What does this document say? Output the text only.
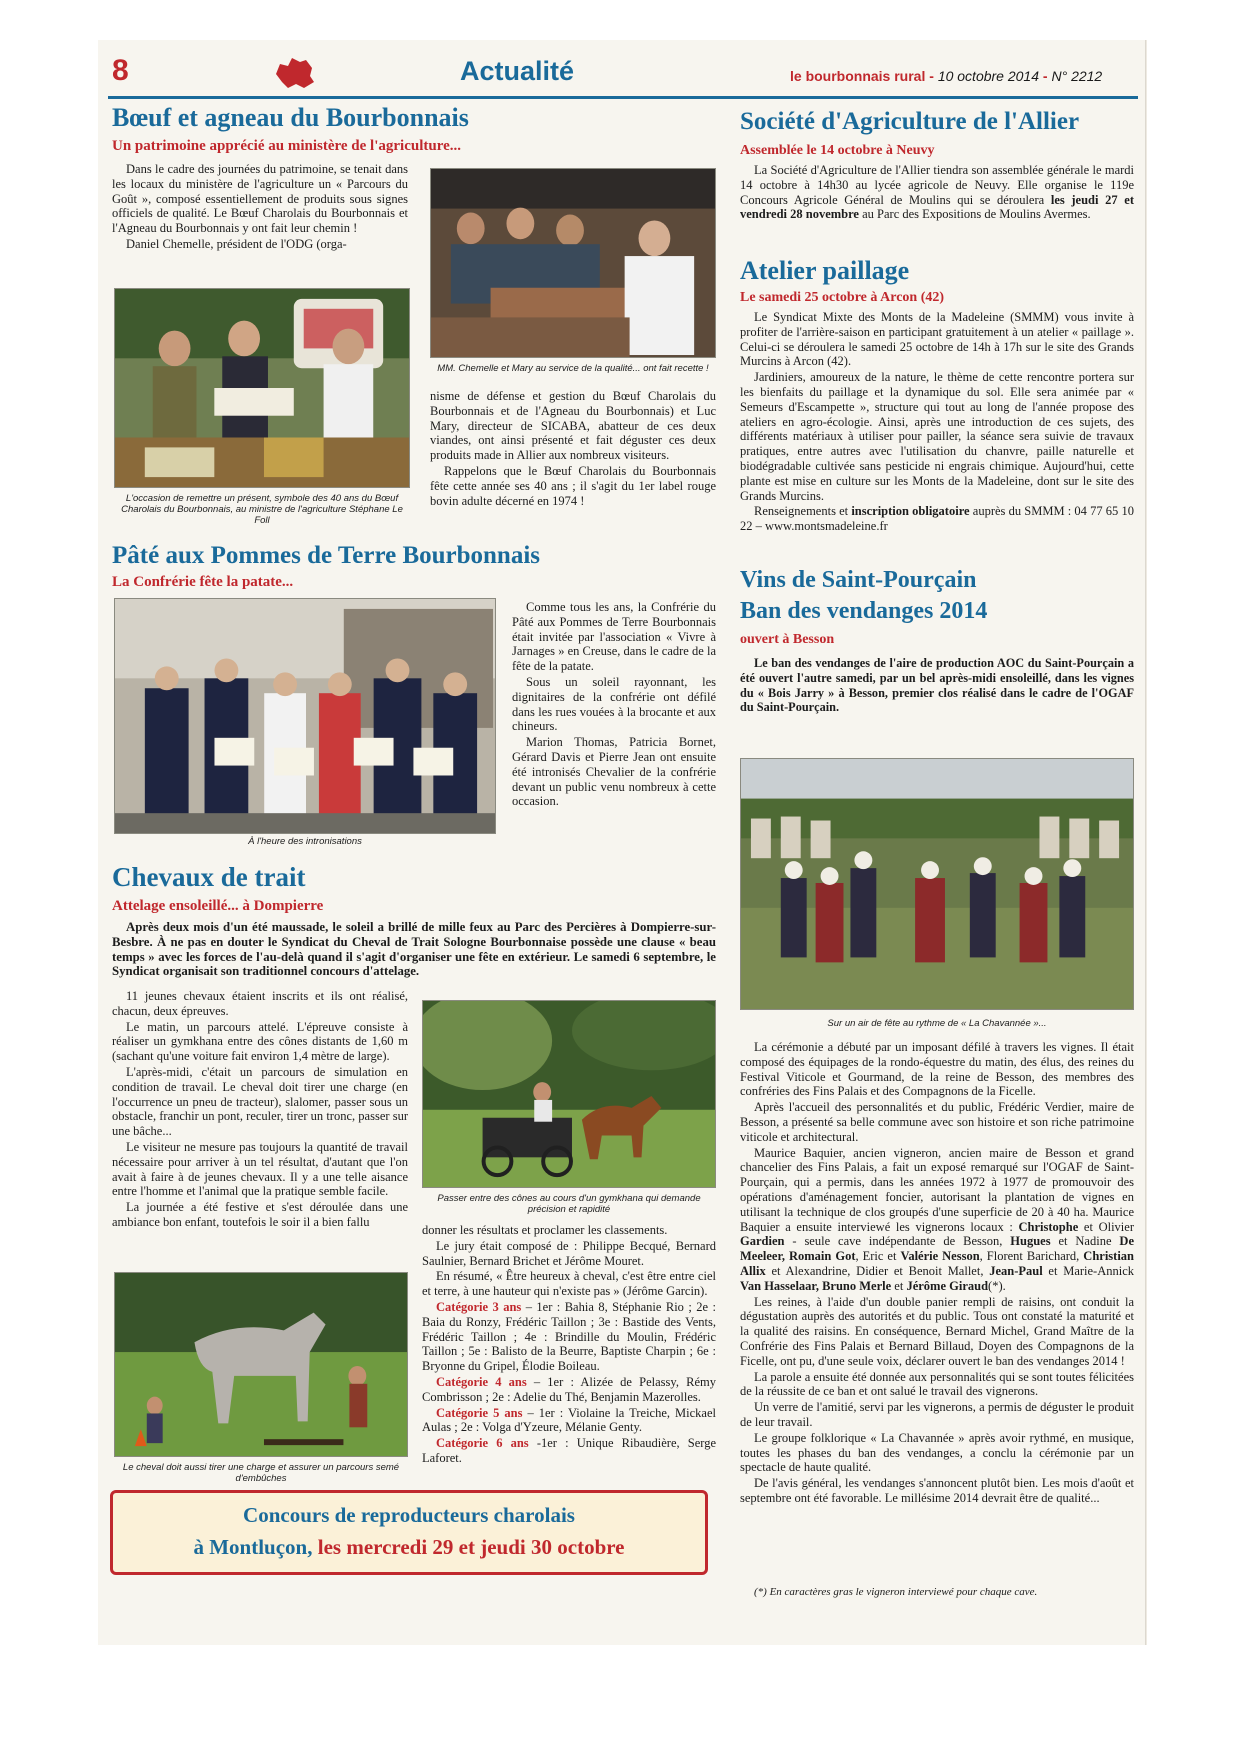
8	Actualité	le bourbonnais rural - 10 octobre 2014 - N° 2212
Bœuf et agneau du Bourbonnais
Un patrimoine apprécié au ministère de l'agriculture...

Dans le cadre des journées du patrimoine, se tenait dans les locaux du ministère de l'agriculture un « Parcours du Goût », composé essentiellement de produits sous signes officiels de qualité. Le Bœuf Charolais du Bourbonnais et l'Agneau du Bourbonnais y ont fait leur chemin !

Daniel Chemelle, président de l'ODG (orga-

L'occasion de remettre un présent, symbole des 40 ans du Bœuf Charolais du Bourbonnais, au ministre de l'agriculture Stéphane Le Foll
MM. Chemelle et Mary au service de la qualité... ont fait recette !

nisme de défense et gestion du Bœuf Charolais du Bourbonnais et de l'Agneau du Bourbonnais) et Luc Mary, directeur de SICABA, abatteur de ces deux viandes, ont ainsi présenté et fait déguster ces deux produits made in Allier aux nombreux visiteurs.

Rappelons que le Bœuf Charolais du Bourbonnais fête cette année ses 40 ans ; il s'agit du 1er label rouge bovin adulte décerné en 1974 !

Pâté aux Pommes de Terre Bourbonnais
La Confrérie fête la patate...
À l'heure des intronisations

Comme tous les ans, la Confrérie du Pâté aux Pommes de Terre Bourbonnais était invitée par l'association « Vivre à Jarnages » en Creuse, dans le cadre de la fête de la patate.

Sous un soleil rayonnant, les dignitaires de la confrérie ont défilé dans les rues vouées à la brocante et aux chineurs.

Marion Thomas, Patricia Bornet, Gérard Davis et Pierre Jean ont ensuite été intronisés Chevalier de la confrérie devant un public venu nombreux à cette occasion.

Chevaux de trait
Attelage ensoleillé... à Dompierre

Après deux mois d'un été maussade, le soleil a brillé de mille feux au Parc des Percières à Dompierre-sur-Besbre. À ne pas en douter le Syndicat du Cheval de Trait Sologne Bourbonnaise possède une clause « beau temps » avec les forces de l'au-delà quand il s'agit d'organiser une fête en extérieur. Le samedi 6 septembre, le Syndicat organisait son traditionnel concours d'attelage.

11 jeunes chevaux étaient inscrits et ils ont réalisé, chacun, deux épreuves.

Le matin, un parcours attelé. L'épreuve consiste à réaliser un gymkhana entre des cônes distants de 1,60 m (sachant qu'une voiture fait environ 1,4 mètre de large).

L'après-midi, c'était un parcours de simulation en condition de travail. Le cheval doit tirer une charge (en l'occurrence un pneu de tracteur), slalomer, passer sous un obstacle, franchir un pont, reculer, tirer un tronc, passer sur une bâche...

Le visiteur ne mesure pas toujours la quantité de travail nécessaire pour arriver à un tel résultat, d'autant que l'on avait à faire à de jeunes chevaux. Il y a une telle aisance entre l'homme et l'animal que la pratique semble facile.

La journée a été festive et s'est déroulée dans une ambiance bon enfant, toutefois le soir il a bien fallu

Passer entre des cônes au cours d'un gymkhana qui demande précision et rapidité
Le cheval doit aussi tirer une charge et assurer un parcours semé d'embûches

donner les résultats et proclamer les classements.

Le jury était composé de : Philippe Becqué, Bernard Saulnier, Bernard Brichet et Jérôme Mouret.

En résumé, « Être heureux à cheval, c'est être entre ciel et terre, à une hauteur qui n'existe pas » (Jérôme Garcin).

Catégorie 3 ans – 1er : Bahia 8, Stéphanie Rio ; 2e : Baia du Ronzy, Frédéric Taillon ; 3e : Bastide des Vents, Frédéric Taillon ; 4e : Brindille du Moulin, Frédéric Taillon ; 5e : Balisto de la Beurre, Baptiste Charpin ; 6e : Bryonne du Gripel, Élodie Boileau.

Catégorie 4 ans – 1er : Alizée de Pelassy, Rémy Combrisson ; 2e : Adelie du Thé, Benjamin Mazerolles.

Catégorie 5 ans – 1er : Violaine la Treiche, Mickael Aulas ; 2e : Volga d'Yzeure, Mélanie Genty.

Catégorie 6 ans -1er : Unique Ribaudière, Serge Laforet.

Concours de reproducteurs charolais
à Montluçon, les mercredi 29 et jeudi 30 octobre
Société d'Agriculture de l'Allier
Assemblée le 14 octobre à Neuvy

La Société d'Agriculture de l'Allier tiendra son assemblée générale le mardi 14 octobre à 14h30 au lycée agricole de Neuvy. Elle organise le 119e Concours Agricole Général de Moulins qui se déroulera les jeudi 27 et vendredi 28 novembre au Parc des Expositions de Moulins Avermes.

Atelier paillage
Le samedi 25 octobre à Arcon (42)

Le Syndicat Mixte des Monts de la Madeleine (SMMM) vous invite à profiter de l'arrière-saison en participant gratuitement à un atelier « paillage ». Celui-ci se déroulera le samedi 25 octobre de 14h à 17h sur le site des Grands Murcins à Arcon (42).

Jardiniers, amoureux de la nature, le thème de cette rencontre portera sur les bienfaits du paillage et la dynamique du sol. Elle sera animée par « Semeurs d'Escampette », structure qui tout au long de l'année propose des ateliers en agro-écologie. Ainsi, après une introduction de ces sujets, des différents matériaux à utiliser pour pailler, la séance sera suivie de travaux pratiques, entre autres avec l'utilisation du chanvre, paille naturelle et biodégradable cultivée sans pesticide ni engrais chimique. Aujourd'hui, cette plante est mise en culture sur les Monts de la Madeleine, dont sur le site des Grands Murcins.

Renseignements et inscription obligatoire auprès du SMMM : 04 77 65 10 22 – www.montsmadeleine.fr

Vins de Saint-Pourçain
Ban des vendanges 2014
ouvert à Besson

Le ban des vendanges de l'aire de production AOC du Saint-Pourçain a été ouvert l'autre samedi, par un bel après-midi ensoleillé, dans les vignes du « Bois Jarry » à Besson, premier clos réalisé dans le cadre de l'OGAF du Saint-Pourçain.

Sur un air de fête au rythme de « La Chavannée »...

La cérémonie a débuté par un imposant défilé à travers les vignes. Il était composé des équipages de la rondo-équestre du matin, des élus, des reines du Festival Viticole et Gourmand, de la reine de Besson, des membres des confréries des Fins Palais et des Compagnons de la Ficelle.

Après l'accueil des personnalités et du public, Frédéric Verdier, maire de Besson, a présenté sa belle commune avec son histoire et son riche patrimoine viticole et architectural.

Maurice Baquier, ancien vigneron, ancien maire de Besson et grand chancelier des Fins Palais, a fait un exposé remarqué sur l'OGAF de Saint-Pourçain, qui a permis, dans les années 1972 à 1977 de promouvoir des opérations d'aménagement foncier, autorisant la plantation de vignes en utilisant la technique de clos groupés d'une superficie de 20 à 40 ha. Maurice Baquier a ensuite interviewé les vignerons locaux : Christophe et Olivier Gardien - seule cave indépendante de Besson, Hugues et Nadine De Meeleer, Romain Got, Eric et Valérie Nesson, Florent Barichard, Christian Allix et Alexandrine, Didier et Benoit Mallet, Jean-Paul et Marie-Annick Van Hasselaar, Bruno Merle et Jérôme Giraud(*).

Les reines, à l'aide d'un double panier rempli de raisins, ont conduit la dégustation auprès des autorités et du public. Tous ont constaté la maturité et la qualité des raisins. En conséquence, Bernard Michel, Grand Maître de la Confrérie des Fins Palais et Bernard Billaud, Doyen des Compagnons de la Ficelle, ont pu, d'une seule voix, déclarer ouvert le ban des vendanges 2014 !

La parole a ensuite été donnée aux personnalités qui se sont toutes félicitées de la réussite de ce ban et ont salué le travail des vignerons.

Un verre de l'amitié, servi par les vignerons, a permis de déguster le produit de leur travail.

Le groupe folklorique « La Chavannée » après avoir rythmé, en musique, toutes les phases du ban des vendanges, a conclu la cérémonie par un spectacle de haute qualité.

De l'avis général, les vendanges s'annoncent plutôt bien. Les mois d'août et septembre ont été favorable. Le millésime 2014 devrait être de qualité...

(*) En caractères gras le vigneron interviewé pour chaque cave.
